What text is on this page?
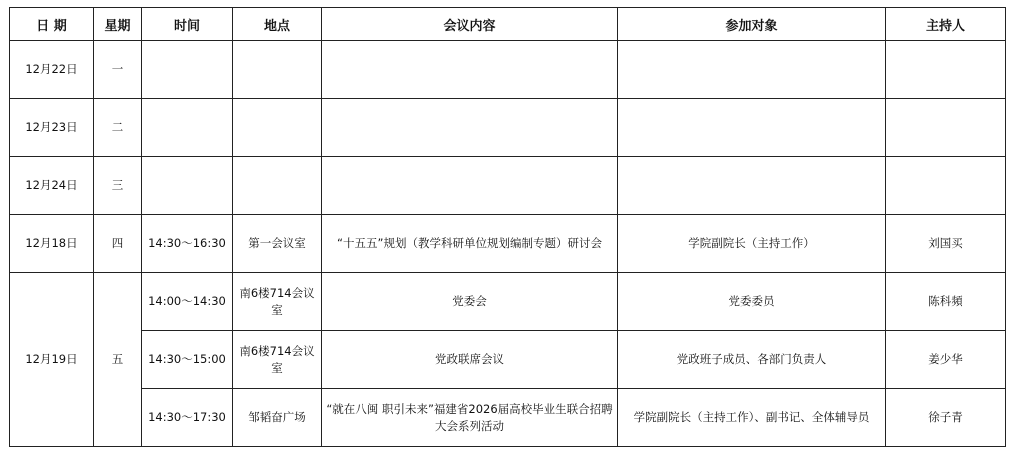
日 期	星期	时间	地点	会议内容	参加对象	主持人
12月22日	一					
12月23日	二					
12月24日	三					
12月18日	四	14:30～16:30	第一会议室	“十五五”规划（教学科研单位规划编制专题）研讨会	学院副院长（主持工作）	刘国买
12月19日	五	14:00～14:30	南6楼714会议室	党委会	党委委员	陈科頻
		14:30～15:00	南6楼714会议室	党政联席会议	党政班子成员、各部门负责人	姜少华
		14:30～17:30	邹韬奋广场	“就在八闽 职引未来”福建省2026届高校毕业生联合招聘大会系列活动	学院副院长（主持工作）、副书记、全体辅导员	徐子青
